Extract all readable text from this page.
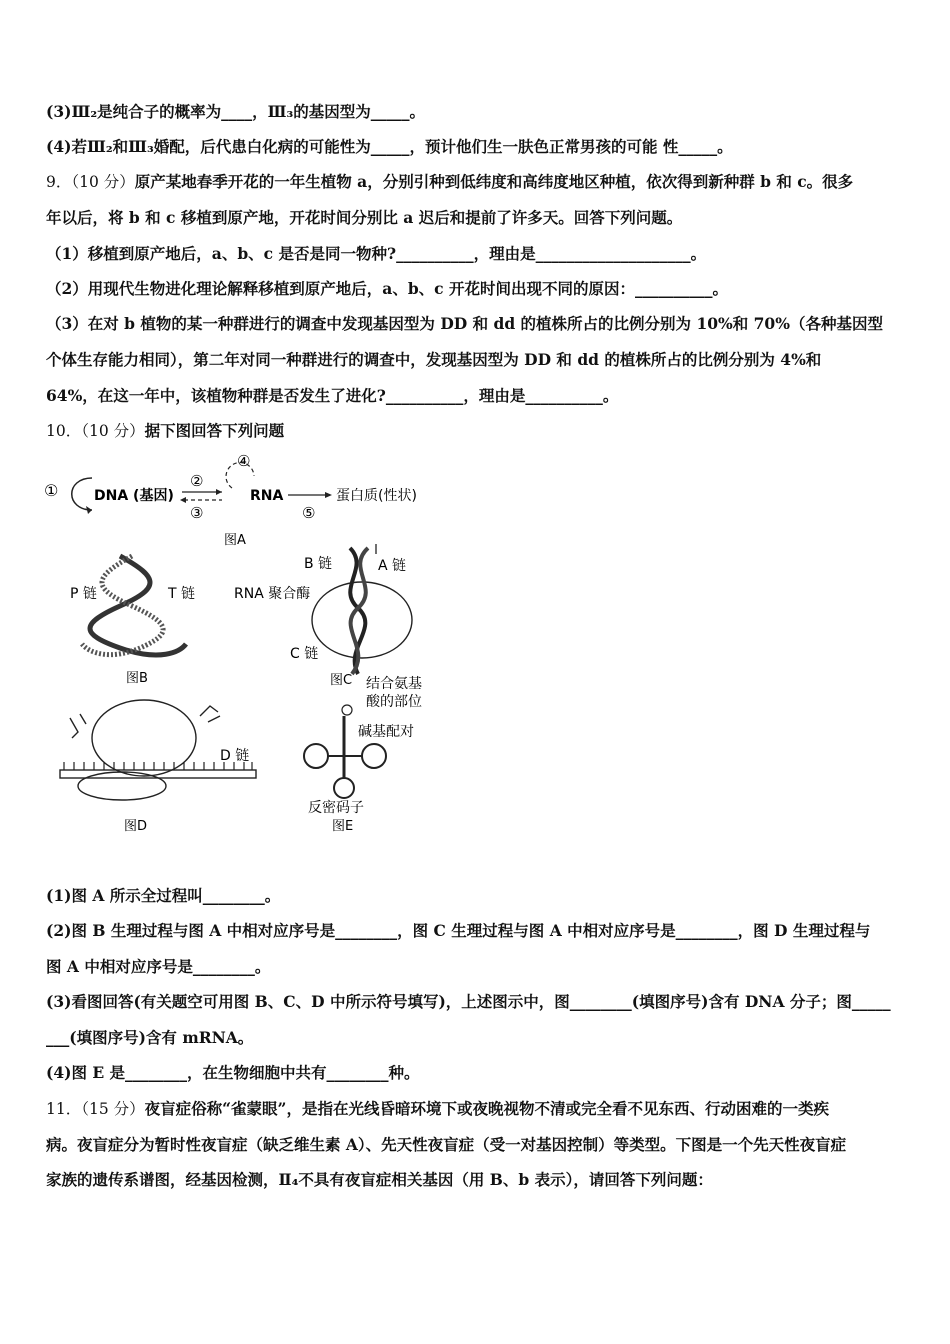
(3)Ⅲ₂是纯合子的概率为____，Ⅲ₃的基因型为_____。
(4)若Ⅲ₂和Ⅲ₃婚配，后代患白化病的可能性为_____，预计他们生一肤色正常男孩的可能 性_____。
9．（10 分）原产某地春季开花的一年生植物 a，分别引种到低纬度和高纬度地区种植，依次得到新种群 b 和 c。很多
年以后，将 b 和 c 移植到原产地，开花时间分别比 a 迟后和提前了许多天。回答下列问题。
（1）移植到原产地后，a、b、c 是否是同一物种?__________，理由是____________________。
（2）用现代生物进化理论解释移植到原产地后，a、b、c 开花时间出现不同的原因：__________。
（3）在对 b 植物的某一种群进行的调查中发现基因型为 DD 和 dd 的植株所占的比例分别为 10%和 70%（各种基因型
个体生存能力相同），第二年对同一种群进行的调查中，发现基因型为 DD 和 dd 的植株所占的比例分别为 4%和
64%，在这一年中，该植物种群是否发生了进化?__________，理由是__________。
10．（10 分）据下图回答下列问题
①	DNA (基因)
②
③
④
RNA
⑤
蛋白质(性状)
图A
P 链	T 链
图B
B 链	A 链
RNA 聚合酶
C 链
图C 结合氨基
酸的部位
碱基配对
反密码子
图E
D 链
图D
(1)图 A 所示全过程叫________。
(2)图 B 生理过程与图 A 中相对应序号是________，图 C 生理过程与图 A 中相对应序号是________，图 D 生理过程与
图 A 中相对应序号是________。
(3)看图回答(有关题空可用图 B、C、D 中所示符号填写)，上述图示中，图________(填图序号)含有 DNA 分子；图_____
___(填图序号)含有 mRNA。
(4)图 E 是________，在生物细胞中共有________种。
11．（15 分）夜盲症俗称“雀蒙眼”，是指在光线昏暗环境下或夜晚视物不清或完全看不见东西、行动困难的一类疾
病。夜盲症分为暂时性夜盲症（缺乏维生素 A）、先天性夜盲症（受一对基因控制）等类型。下图是一个先天性夜盲症
家族的遗传系谱图，经基因检测，Ⅱ₄不具有夜盲症相关基因（用 B、b 表示），请回答下列问题：
